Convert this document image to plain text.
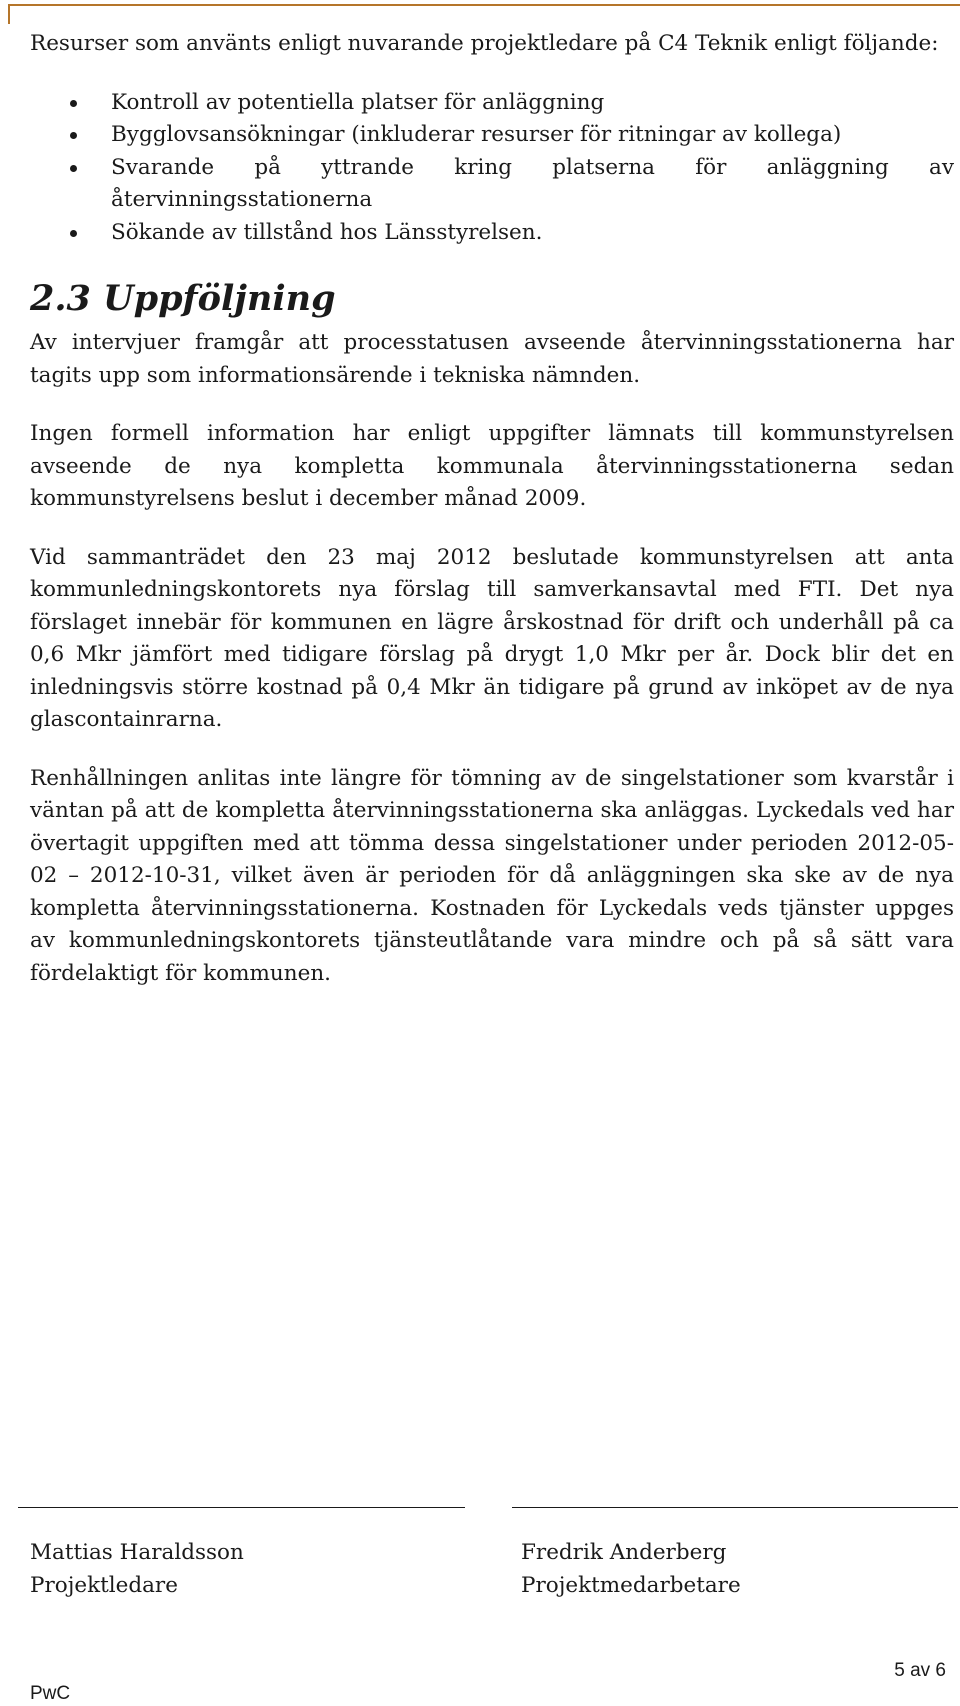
Resurser som använts enligt nuvarande projektledare på C4 Teknik enligt följande:

Kontroll av potentiella platser för anläggning
Bygglovsansökningar (inkluderar resurser för ritningar av kollega)
Svarande på yttrande kring platserna för anläggning av
återvinningsstationerna
Sökande av tillstånd hos Länsstyrelsen.
2.3 Uppföljning

Av intervjuer framgår att processtatusen avseende återvinningsstationerna har tagits upp som informationsärende i tekniska nämnden.

Ingen formell information har enligt uppgifter lämnats till kommunstyrelsen avseende de nya kompletta kommunala återvinningsstationerna sedan kommunstyrelsens beslut i december månad 2009.

Vid sammanträdet den 23 maj 2012 beslutade kommunstyrelsen att anta kommunledningskontorets nya förslag till samverkansavtal med FTI. Det nya förslaget innebär för kommunen en lägre årskostnad för drift och underhåll på ca 0,6 Mkr jämfört med tidigare förslag på drygt 1,0 Mkr per år. Dock blir det en inledningsvis större kostnad på 0,4 Mkr än tidigare på grund av inköpet av de nya glascontainrarna.

Renhållningen anlitas inte längre för tömning av de singelstationer som kvarstår i väntan på att de kompletta återvinningsstationerna ska anläggas. Lyckedals ved har övertagit uppgiften med att tömma dessa singelstationer under perioden 2012-05-02 – 2012-10-31, vilket även är perioden för då anläggningen ska ske av de nya kompletta återvinningsstationerna. Kostnaden för Lyckedals veds tjänster uppges av kommunledningskontorets tjänsteutlåtande vara mindre och på så sätt vara fördelaktigt för kommunen.

Mattias Haraldsson
Projektledare
Fredrik Anderberg
Projektmedarbetare
5 av 6
PwC
